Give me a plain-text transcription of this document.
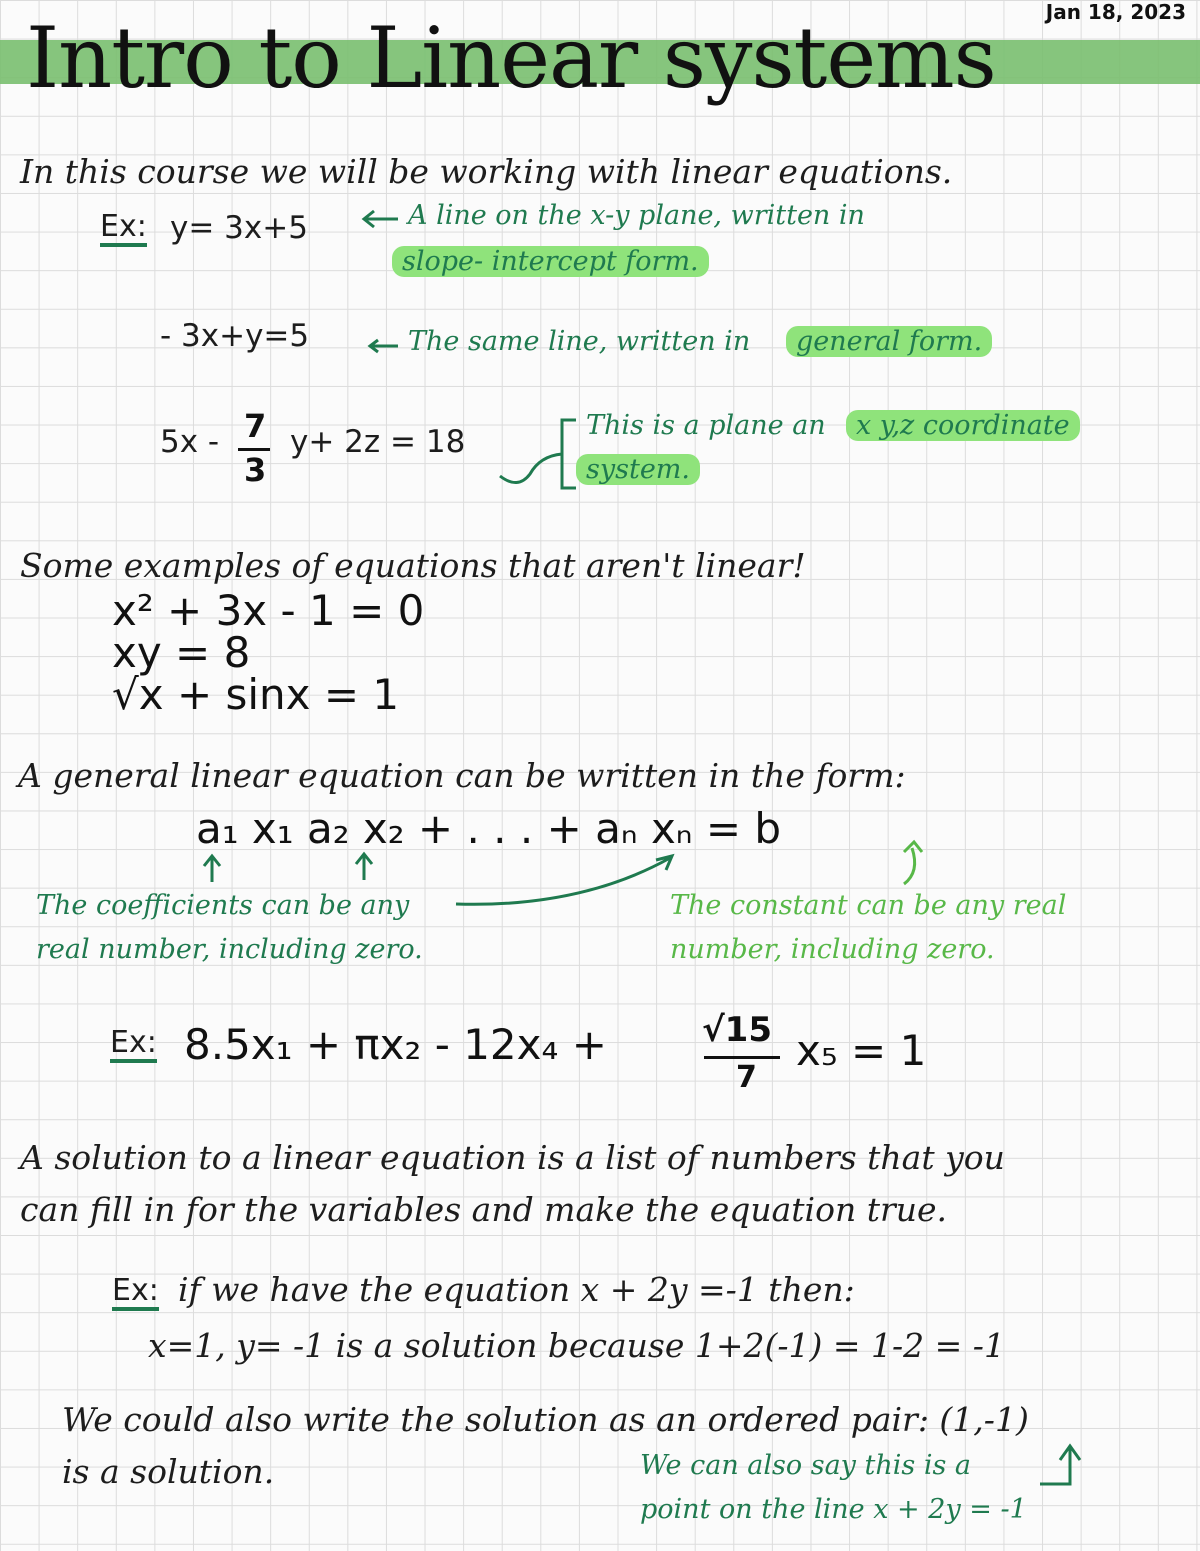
Intro to Linear systems	Jan 18, 2023
In this course we will be working with linear equations.
Ex: y= 3x+5	A line on the x-y plane, written in
slope- intercept form.
- 3x+y=5	The same line, written in	general form.
5x - 7
3
y+ 2z = 18	This is a plane an	x y,z coordinate
system.
Some examples of equations that aren't linear!
x² + 3x - 1 = 0
xy = 8
√x + sinx = 1
A general linear equation can be written in the form:
a₁ x₁ a₂ x₂ + . . . + aₙ xₙ = b
The coefficients can be any
real number, including zero.
The constant can be any real
number, including zero.
Ex: 8.5x₁ + πx₂ - 12x₄ +	√15
7
x₅ = 1
A solution to a linear equation is a list of numbers that you
can fill in for the variables and make the equation true.
Ex: if we have the equation x + 2y =-1 then:
x=1, y= -1 is a solution because 1+2(-1) = 1-2 = -1
We could also write the solution as an ordered pair: (1,-1)
is a solution.	We can also say this is a
point on the line x + 2y = -1
